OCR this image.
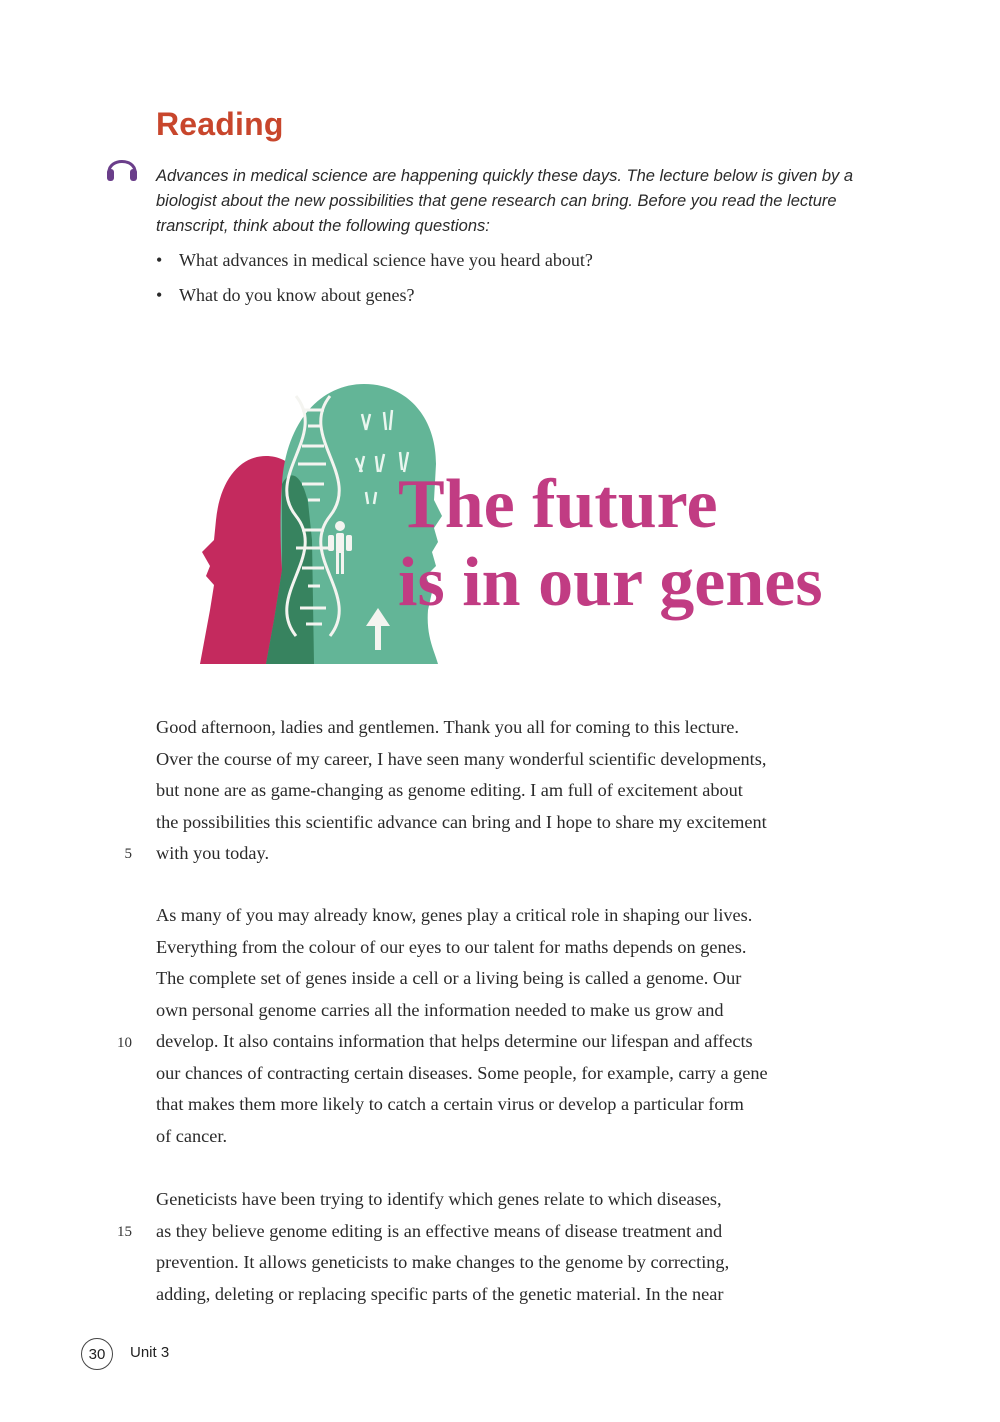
Reading

Advances in medical science are happening quickly these days. The lecture below is given by a biologist about the new possibilities that gene research can bring. Before you read the lecture transcript, think about the following questions:

• What advances in medical science have you heard about?
• What do you know about genes?
The future
is in our genes

Good afternoon, ladies and gentlemen. Thank you all for coming to this lecture.
Over the course of my career, I have seen many wonderful scientific developments,
but none are as game-changing as genome editing. I am full of excitement about
the possibilities this scientific advance can bring and I hope to share my excitement
with you today.

As many of you may already know, genes play a critical role in shaping our lives.
Everything from the colour of our eyes to our talent for maths depends on genes.
The complete set of genes inside a cell or a living being is called a genome. Our
own personal genome carries all the information needed to make us grow and
develop. It also contains information that helps determine our lifespan and affects
our chances of contracting certain diseases. Some people, for example, carry a gene
that makes them more likely to catch a certain virus or develop a particular form
of cancer.

Geneticists have been trying to identify which genes relate to which diseases,
as they believe genome editing is an effective means of disease treatment and
prevention. It allows geneticists to make changes to the genome by correcting,
adding, deleting or replacing specific parts of the genetic material. In the near

5
10
15
30	Unit 3
